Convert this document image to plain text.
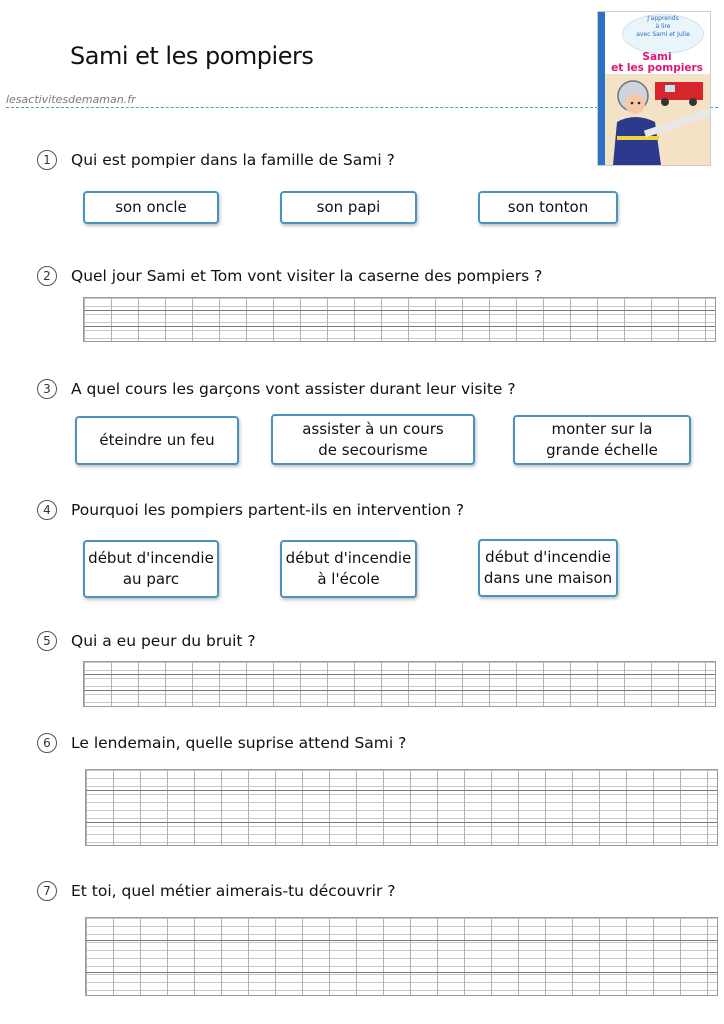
Sami et les pompiers
lesactivitesdemaman.fr
J'apprends
à lire
avec Sami et Julie
Sami
et les pompiers
1	Qui est pompier dans la famille de Sami ?
son oncle	son papi	son tonton
2	Quel jour Sami et Tom vont visiter la caserne des pompiers ?
3	A quel cours les garçons vont assister durant leur visite ?
éteindre un feu
assister à un cours
de secourisme
monter sur la
grande échelle
4	Pourquoi les pompiers partent-ils en intervention ?
début d'incendie
au parc
début d'incendie
à l'école
début d'incendie
dans une maison
5	Qui a eu peur du bruit ?
6	Le lendemain, quelle suprise attend Sami ?
7	Et toi, quel métier aimerais-tu découvrir ?
